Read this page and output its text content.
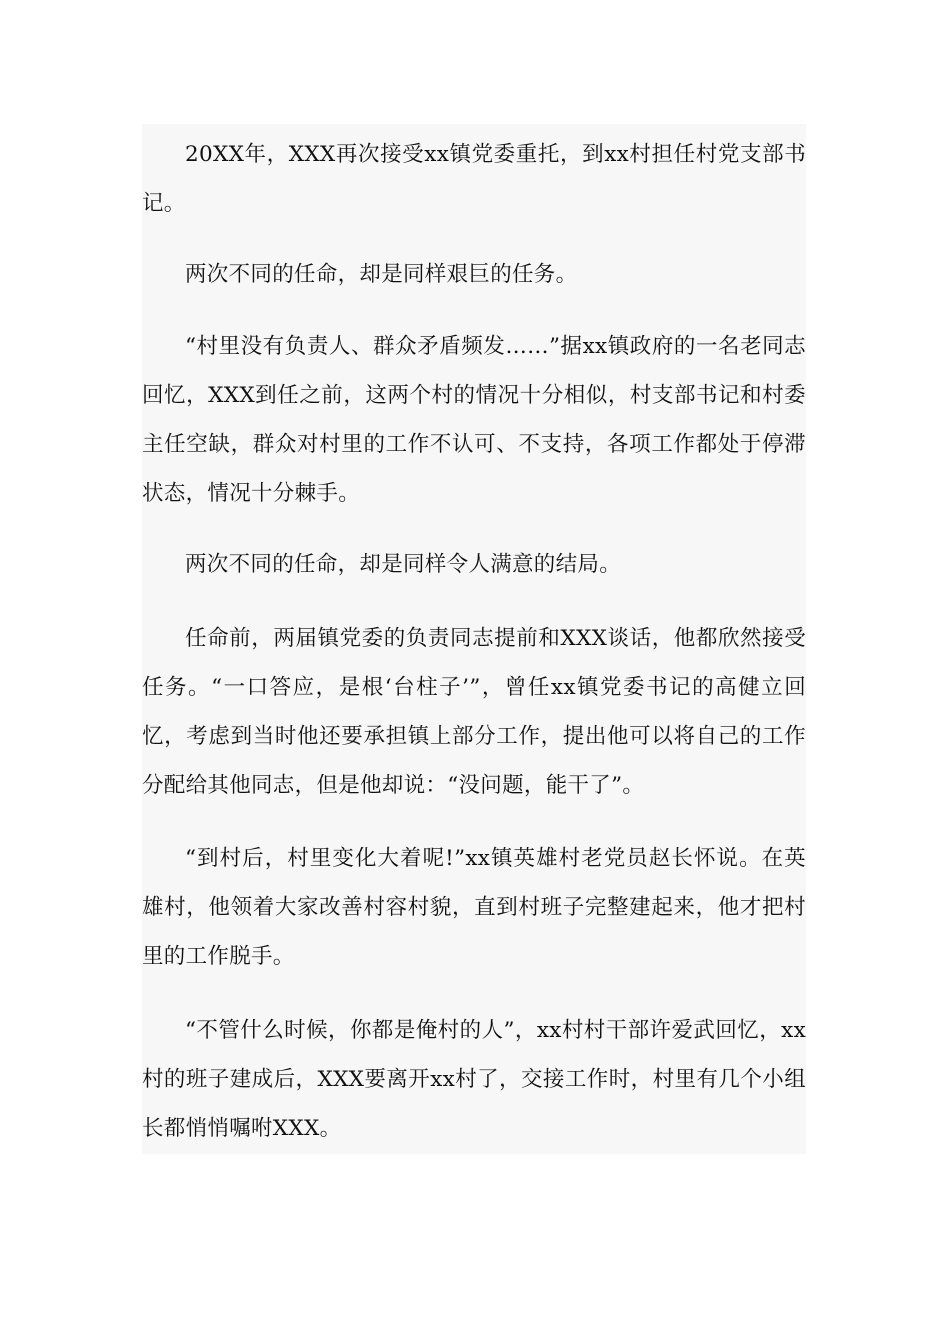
20XX年，XXX再次接受xx镇党委重托，到xx村担任村党支部书记。

两次不同的任命，却是同样艰巨的任务。

“村里没有负责人、群众矛盾频发……”据xx镇政府的一名老同志回忆，XXX到任之前，这两个村的情况十分相似，村支部书记和村委主任空缺，群众对村里的工作不认可、不支持，各项工作都处于停滞状态，情况十分棘手。

两次不同的任命，却是同样令人满意的结局。

任命前，两届镇党委的负责同志提前和XXX谈话，他都欣然接受任务。“一口答应，是根‘台柱子’”，曾任xx镇党委书记的高健立回忆，考虑到当时他还要承担镇上部分工作，提出他可以将自己的工作分配给其他同志，但是他却说：“没问题，能干了”。

“到村后，村里变化大着呢!”xx镇英雄村老党员赵长怀说。在英雄村，他领着大家改善村容村貌，直到村班子完整建起来，他才把村里的工作脱手。

“不管什么时候，你都是俺村的人”，xx村村干部许爱武回忆，xx村的班子建成后，XXX要离开xx村了，交接工作时，村里有几个小组长都悄悄嘱咐XXX。
